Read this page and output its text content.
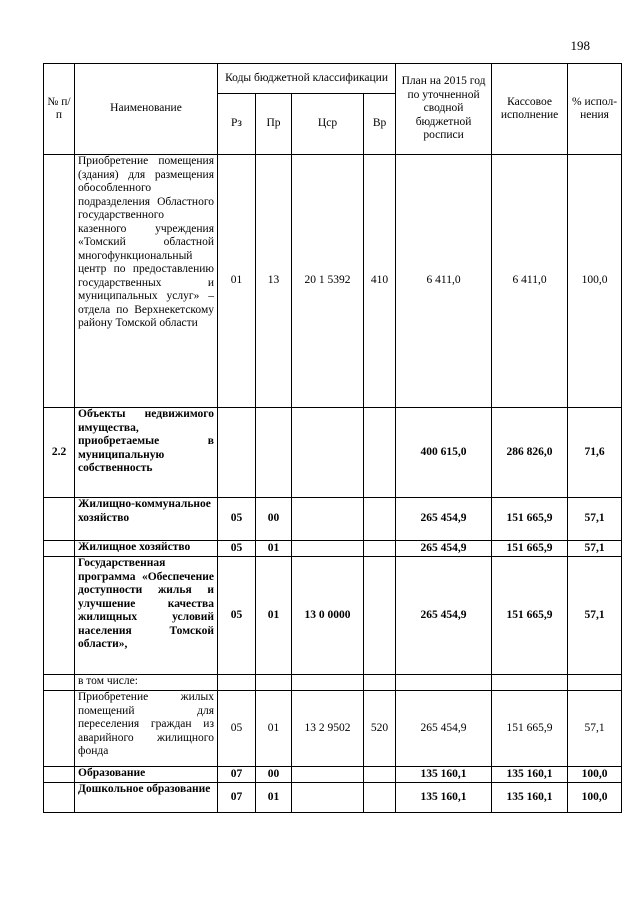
198
№ п/п	Наименование	Коды бюджетной классификации				План на 2015 год по уточненной сводной бюджетной росписи	Кассовое исполнение	% испол-нения
		Рз	Пр	Цср	Вр			
	Приобретение помещения (здания) для размещения обособленного подразделения Областного государственного казенного учреждения «Томский областной многофункциональный центр по предоставлению государственных и муниципальных услуг» – отдела по Верхнекетскому району Томской области	01	13	20 1 5392	410	6 411,0	6 411,0	100,0
2.2	Объекты недвижимого имущества, приобретаемые в муниципальную собственность					400 615,0	286 826,0	71,6
	Жилищно-коммунальное хозяйство	05	00			265 454,9	151 665,9	57,1
	Жилищное хозяйство	05	01			265 454,9	151 665,9	57,1
	Государственная программа «Обеспечение доступности жилья и улучшение качества жилищных условий населения Томской области»,	05	01	13 0 0000		265 454,9	151 665,9	57,1
	в том числе:							
	Приобретение жилых помещений для переселения граждан из аварийного жилищного фонда	05	01	13 2 9502	520	265 454,9	151 665,9	57,1
	Образование	07	00			135 160,1	135 160,1	100,0
	Дошкольное образование	07	01			135 160,1	135 160,1	100,0
